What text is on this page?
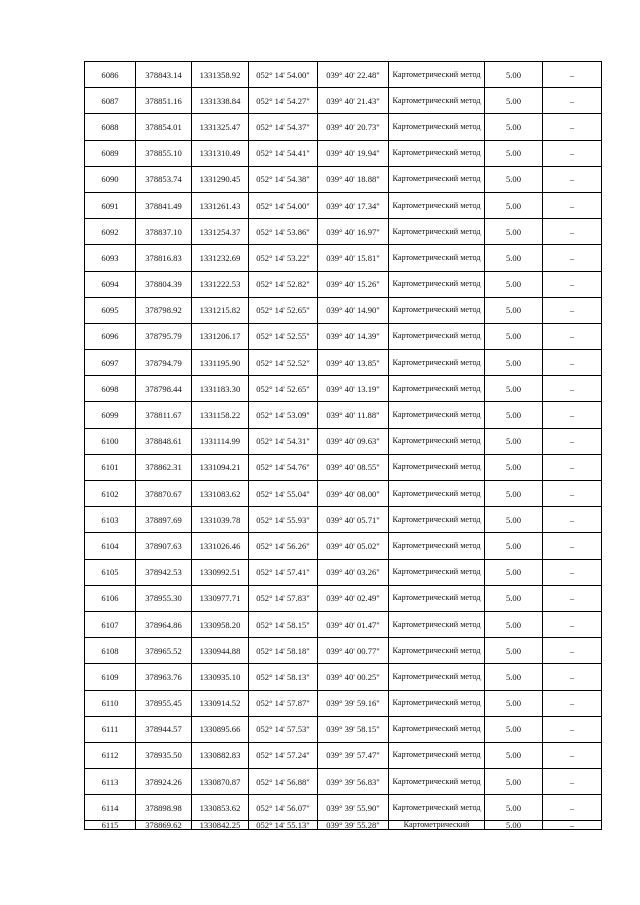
6086	378843.14	1331358.92	052° 14' 54.00"	039° 40' 22.48"	Картометрический метод	5.00	–
6087	378851.16	1331338.84	052° 14' 54.27"	039° 40' 21.43"	Картометрический метод	5.00	–
6088	378854.01	1331325.47	052° 14' 54.37"	039° 40' 20.73"	Картометрический метод	5.00	–
6089	378855.10	1331310.49	052° 14' 54.41"	039° 40' 19.94"	Картометрический метод	5.00	–
6090	378853.74	1331290.45	052° 14' 54.38"	039° 40' 18.88"	Картометрический метод	5.00	–
6091	378841.49	1331261.43	052° 14' 54.00"	039° 40' 17.34"	Картометрический метод	5.00	–
6092	378837.10	1331254.37	052° 14' 53.86"	039° 40' 16.97"	Картометрический метод	5.00	–
6093	378816.83	1331232.69	052° 14' 53.22"	039° 40' 15.81"	Картометрический метод	5.00	–
6094	378804.39	1331222.53	052° 14' 52.82"	039° 40' 15.26"	Картометрический метод	5.00	–
6095	378798.92	1331215.82	052° 14' 52.65"	039° 40' 14.90"	Картометрический метод	5.00	–
6096	378795.79	1331206.17	052° 14' 52.55"	039° 40' 14.39"	Картометрический метод	5.00	–
6097	378794.79	1331195.90	052° 14' 52.52"	039° 40' 13.85"	Картометрический метод	5.00	–
6098	378798.44	1331183.30	052° 14' 52.65"	039° 40' 13.19"	Картометрический метод	5.00	–
6099	378811.67	1331158.22	052° 14' 53.09"	039° 40' 11.88"	Картометрический метод	5.00	–
6100	378848.61	1331114.99	052° 14' 54.31"	039° 40' 09.63"	Картометрический метод	5.00	–
6101	378862.31	1331094.21	052° 14' 54.76"	039° 40' 08.55"	Картометрический метод	5.00	–
6102	378870.67	1331083.62	052° 14' 55.04"	039° 40' 08.00"	Картометрический метод	5.00	–
6103	378897.69	1331039.78	052° 14' 55.93"	039° 40' 05.71"	Картометрический метод	5.00	–
6104	378907.63	1331026.46	052° 14' 56.26"	039° 40' 05.02"	Картометрический метод	5.00	–
6105	378942.53	1330992.51	052° 14' 57.41"	039° 40' 03.26"	Картометрический метод	5.00	–
6106	378955.30	1330977.71	052° 14' 57.83"	039° 40' 02.49"	Картометрический метод	5.00	–
6107	378964.86	1330958.20	052° 14' 58.15"	039° 40' 01.47"	Картометрический метод	5.00	–
6108	378965.52	1330944.88	052° 14' 58.18"	039° 40' 00.77"	Картометрический метод	5.00	–
6109	378963.76	1330935.10	052° 14' 58.13"	039° 40' 00.25"	Картометрический метод	5.00	–
6110	378955.45	1330914.52	052° 14' 57.87"	039° 39' 59.16"	Картометрический метод	5.00	–
6111	378944.57	1330895.66	052° 14' 57.53"	039° 39' 58.15"	Картометрический метод	5.00	–
6112	378935.50	1330882.83	052° 14' 57.24"	039° 39' 57.47"	Картометрический метод	5.00	–
6113	378924.26	1330870.87	052° 14' 56.88"	039° 39' 56.83"	Картометрический метод	5.00	–
6114	378898.98	1330853.62	052° 14' 56.07"	039° 39' 55.90"	Картометрический метод	5.00	–
6115	378869.62	1330842.25	052° 14' 55.13"	039° 39' 55.28"	Картометрический	5.00	–
